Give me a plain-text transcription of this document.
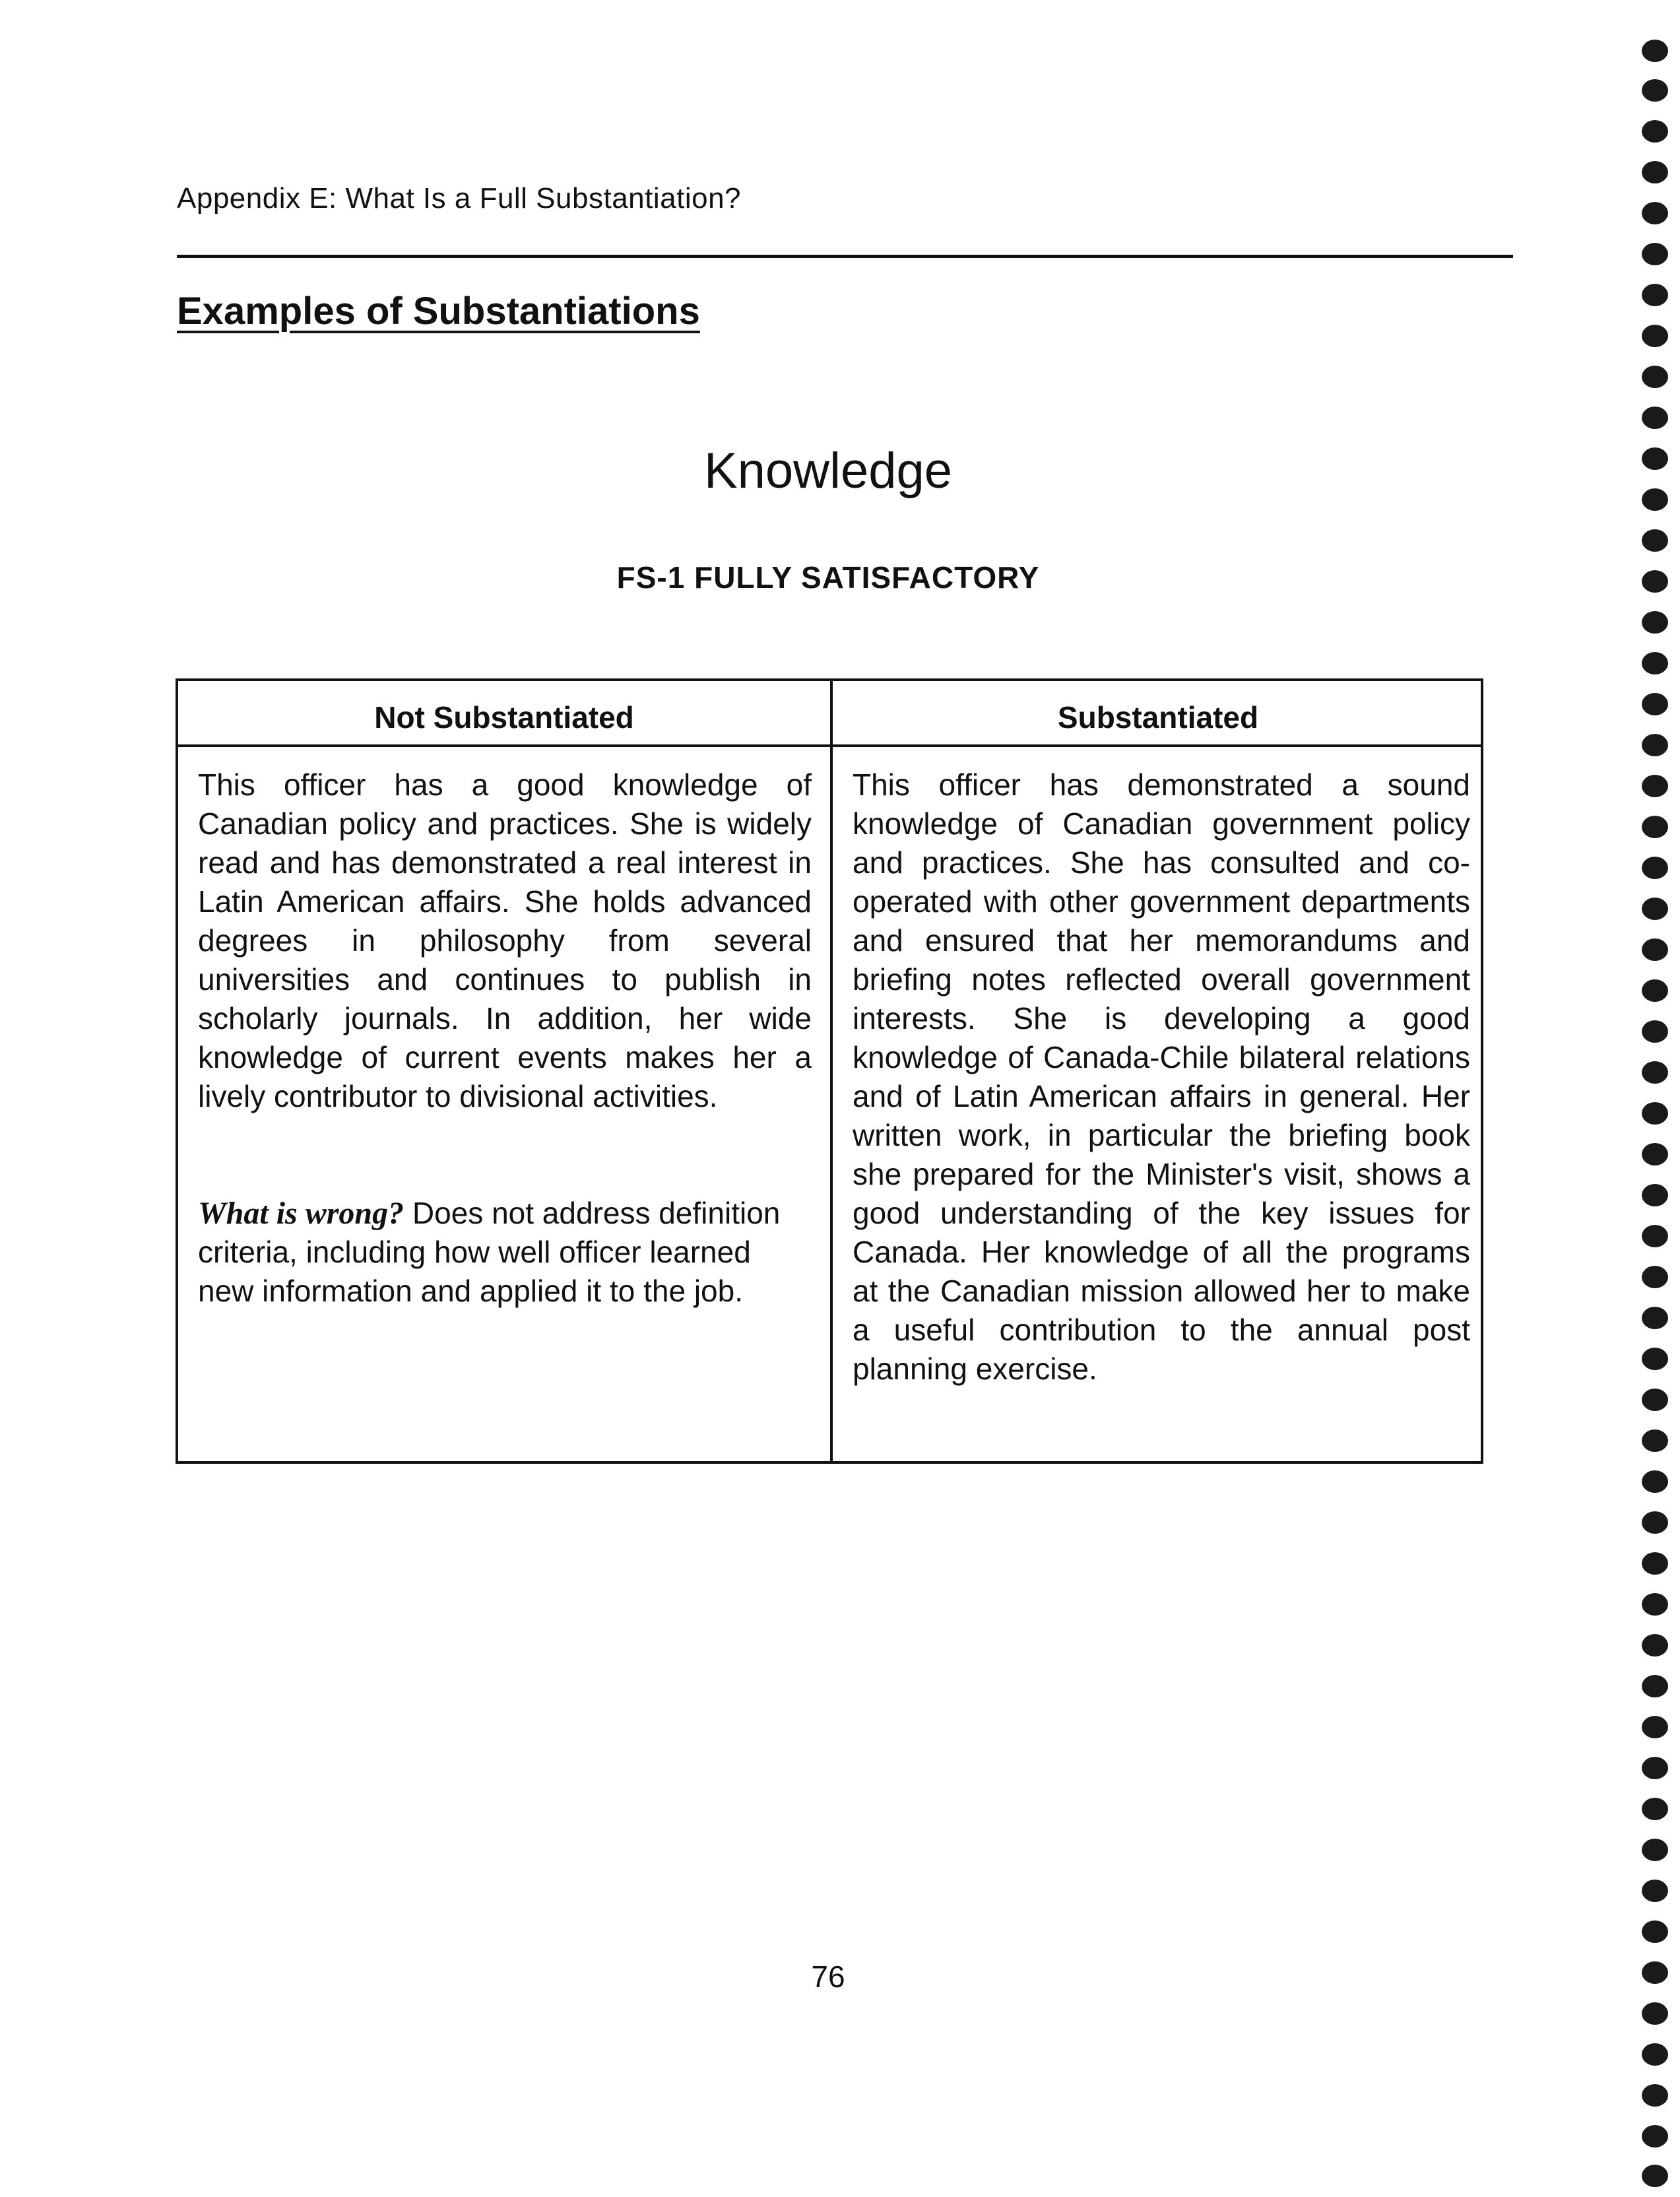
Appendix E: What Is a Full Substantiation?
Examples of Substantiations
Knowledge
FS-1 FULLY SATISFACTORY
Not Substantiated	Substantiated

This officer has a good knowledge of Canadian policy and practices. She is widely read and has demonstrated a real interest in Latin American affairs. She holds advanced degrees in philosophy from several universities and continues to publish in scholarly journals. In addition, her wide knowledge of current events makes her a lively contributor to divisional activities.

What is wrong? Does not address definition criteria, including how well officer learned new information and applied it to the job.

This officer has demonstrated a sound knowledge of Canadian government policy and practices. She has consulted and co-operated with other government departments and ensured that her memorandums and briefing notes reflected overall government interests. She is developing a good knowledge of Canada-Chile bilateral relations and of Latin American affairs in general. Her written work, in particular the briefing book she prepared for the Minister's visit, shows a good understanding of the key issues for Canada. Her knowledge of all the programs at the Canadian mission allowed her to make a useful contribution to the annual post planning exercise.

76
